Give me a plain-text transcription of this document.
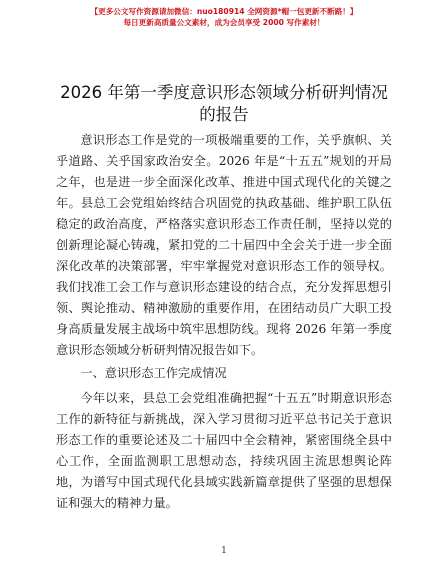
【更多公文写作资源请加微信：nuo180914 全网资源*帽一包更新不断路！】
每日更新高质量公文素材，成为会员享受 2000 写作素材！
2026 年第一季度意识形态领域分析研判情况的报告

意识形态工作是党的一项极端重要的工作，关乎旗帜、关乎道路、关乎国家政治安全。2026 年是“十五五”规划的开局之年，也是进一步全面深化改革、推进中国式现代化的关键之年。县总工会党组始终结合巩固党的执政基础、维护职工队伍稳定的政治高度，严格落实意识形态工作责任制，坚持以党的创新理论凝心铸魂，紧扣党的二十届四中全会关于进一步全面深化改革的决策部署，牢牢掌握党对意识形态工作的领导权。我们找准工会工作与意识形态建设的结合点，充分发挥思想引领、舆论推动、精神激励的重要作用，在团结动员广大职工投身高质量发展主战场中筑牢思想防线。现将 2026 年第一季度意识形态领域分析研判情况报告如下。

一、意识形态工作完成情况

今年以来，县总工会党组准确把握“十五五”时期意识形态工作的新特征与新挑战，深入学习贯彻习近平总书记关于意识形态工作的重要论述及二十届四中全会精神，紧密围绕全县中心工作，全面监测职工思想动态，持续巩固主流思想舆论阵地，为谱写中国式现代化县域实践新篇章提供了坚强的思想保证和强大的精神力量。

1
